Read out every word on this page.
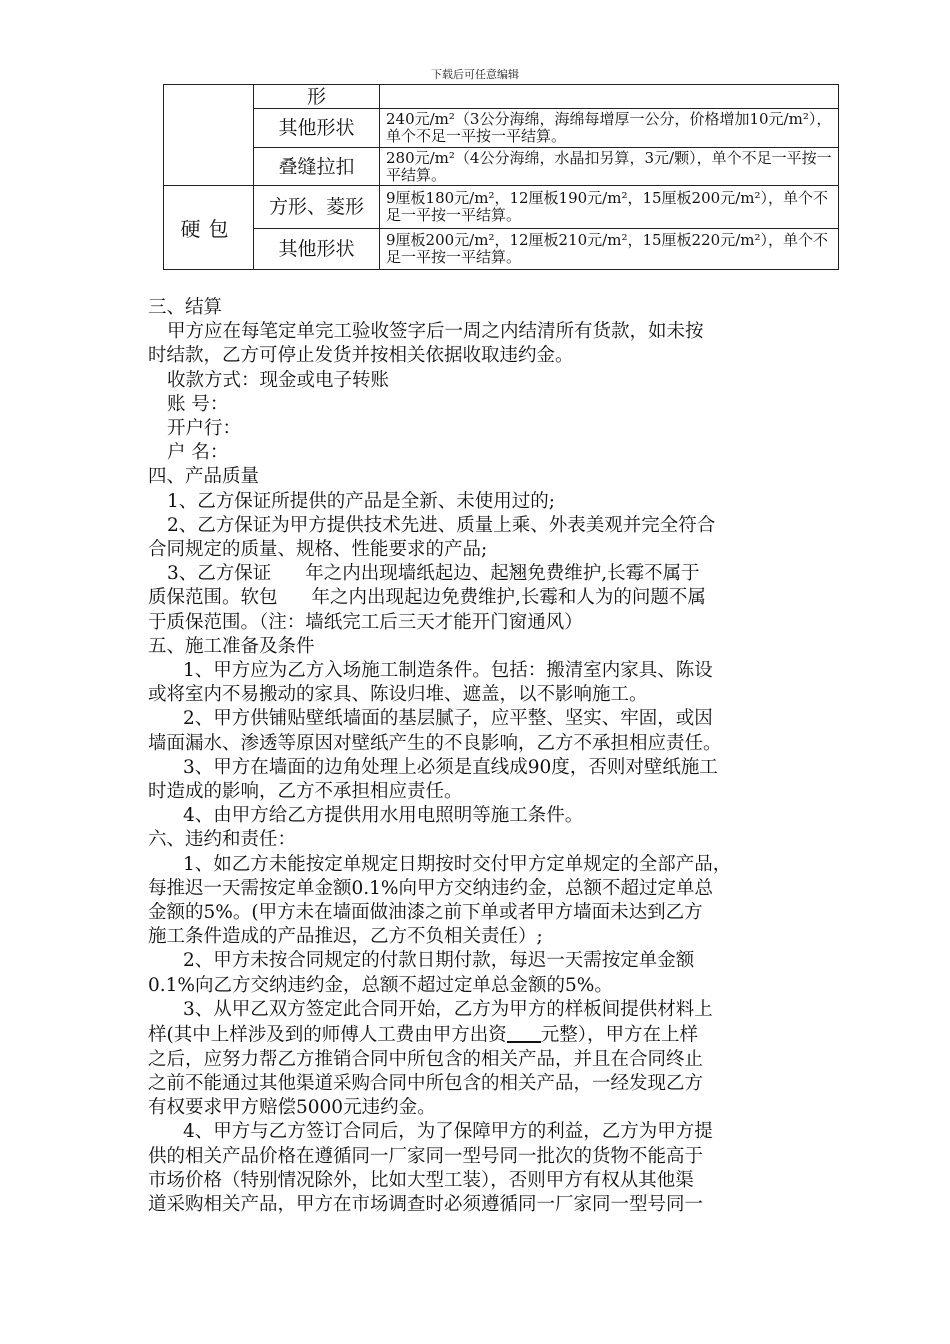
下载后可任意编辑
	形	
	其他形状	240元/m²（3公分海绵，海绵每增厚一公分，价格增加10元/m²），单个不足一平按一平结算。
	叠缝拉扣	280元/m²（4公分海绵，水晶扣另算，3元/颗），单个不足一平按一平结算。
硬包	方形、菱形	9厘板180元/m²，12厘板190元/m²，15厘板200元/m²），单个不足一平按一平结算。
	其他形状	9厘板200元/m²，12厘板210元/m²，15厘板220元/m²），单个不足一平按一平结算。

三、结算

甲方应在每笔定单完工验收签字后一周之内结清所有货款，如未按

时结款，乙方可停止发货并按相关依据收取违约金。

收款方式：现金或电子转账

账 号：

开户行：

户 名：

四、产品质量

1、乙方保证所提供的产品是全新、未使用过的;

2、乙方保证为甲方提供技术先进、质量上乘、外表美观并完全符合

合同规定的质量、规格、性能要求的产品;

3、乙方保证 年之内出现墙纸起边、起翘免费维护,长霉不属于

质保范围。软包 年之内出现起边免费维护,长霉和人为的问题不属

于质保范围。（注：墙纸完工后三天才能开门窗通风）

五、施工准备及条件

1、甲方应为乙方入场施工制造条件。包括：搬清室内家具、陈设

或将室内不易搬动的家具、陈设归堆、遮盖，以不影响施工。

2、甲方供铺贴壁纸墙面的基层腻子，应平整、坚实、牢固，或因

墙面漏水、渗透等原因对壁纸产生的不良影响，乙方不承担相应责任。

3、甲方在墙面的边角处理上必须是直线成90度，否则对壁纸施工

时造成的影响，乙方不承担相应责任。

4、由甲方给乙方提供用水用电照明等施工条件。

六、违约和责任：

1、如乙方未能按定单规定日期按时交付甲方定单规定的全部产品，

每推迟一天需按定单金额0.1%向甲方交纳违约金，总额不超过定单总

金额的5%。(甲方未在墙面做油漆之前下单或者甲方墙面未达到乙方

施工条件造成的产品推迟，乙方不负相关责任）;

2、甲方未按合同规定的付款日期付款，每迟一天需按定单金额

0.1%向乙方交纳违约金，总额不超过定单总金额的5%。

3、从甲乙双方签定此合同开始，乙方为甲方的样板间提供材料上

样(其中上样涉及到的师傅人工费由甲方出资 元整），甲方在上样

之后，应努力帮乙方推销合同中所包含的相关产品，并且在合同终止

之前不能通过其他渠道采购合同中所包含的相关产品，一经发现乙方

有权要求甲方赔偿5000元违约金。

4、甲方与乙方签订合同后，为了保障甲方的利益，乙方为甲方提

供的相关产品价格在遵循同一厂家同一型号同一批次的货物不能高于

市场价格（特别情况除外，比如大型工装），否则甲方有权从其他渠

道采购相关产品，甲方在市场调查时必须遵循同一厂家同一型号同一
